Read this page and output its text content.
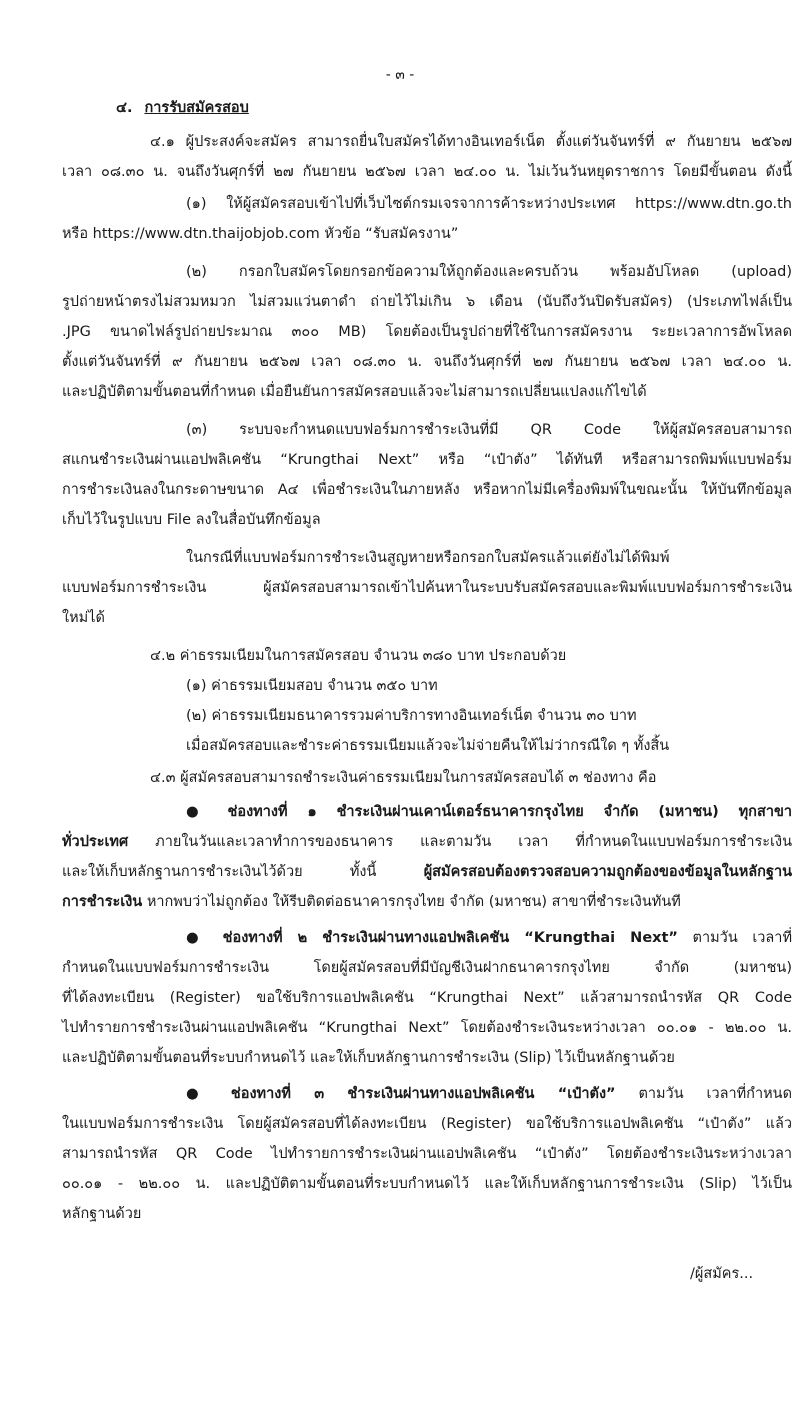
- ๓ -
๔. การรับสมัครสอบ
๔.๑ ผู้ประสงค์จะสมัคร สามารถยื่นใบสมัครได้ทางอินเทอร์เน็ต ตั้งแต่วันจันทร์ที่ ๙ กันยายน ๒๕๖๗
เวลา ๐๘.๓๐ น. จนถึงวันศุกร์ที่ ๒๗ กันยายน ๒๕๖๗ เวลา ๒๔.๐๐ น. ไม่เว้นวันหยุดราชการ โดยมีขั้นตอน ดังนี้
(๑) ให้ผู้สมัครสอบเข้าไปที่เว็บไซต์กรมเจรจาการค้าระหว่างประเทศ https://www.dtn.go.th
หรือ https://www.dtn.thaijobjob.com หัวข้อ “รับสมัครงาน”
(๒) กรอกใบสมัครโดยกรอกข้อความให้ถูกต้องและครบถ้วน พร้อมอัปโหลด (upload)
รูปถ่ายหน้าตรงไม่สวมหมวก ไม่สวมแว่นตาดำ ถ่ายไว้ไม่เกิน ๖ เดือน (นับถึงวันปิดรับสมัคร) (ประเภทไฟล์เป็น
.JPG ขนาดไฟล์รูปถ่ายประมาณ ๓๐๐ MB) โดยต้องเป็นรูปถ่ายที่ใช้ในการสมัครงาน ระยะเวลาการอัพโหลด
ตั้งแต่วันจันทร์ที่ ๙ กันยายน ๒๕๖๗ เวลา ๐๘.๓๐ น. จนถึงวันศุกร์ที่ ๒๗ กันยายน ๒๕๖๗ เวลา ๒๔.๐๐ น.
และปฏิบัติตามขั้นตอนที่กำหนด เมื่อยืนยันการสมัครสอบแล้วจะไม่สามารถเปลี่ยนแปลงแก้ไขได้
(๓) ระบบจะกำหนดแบบฟอร์มการชำระเงินที่มี QR Code ให้ผู้สมัครสอบสามารถ
สแกนชำระเงินผ่านแอปพลิเคชัน “Krungthai Next” หรือ “เป๋าตัง” ได้ทันที หรือสามารถพิมพ์แบบฟอร์ม
การชำระเงินลงในกระดาษขนาด A๔ เพื่อชำระเงินในภายหลัง หรือหากไม่มีเครื่องพิมพ์ในขณะนั้น ให้บันทึกข้อมูล
เก็บไว้ในรูปแบบ File ลงในสื่อบันทึกข้อมูล
ในกรณีที่แบบฟอร์มการชำระเงินสูญหายหรือกรอกใบสมัครแล้วแต่ยังไม่ได้พิมพ์
แบบฟอร์มการชำระเงิน ผู้สมัครสอบสามารถเข้าไปค้นหาในระบบรับสมัครสอบและพิมพ์แบบฟอร์มการชำระเงิน
ใหม่ได้
๔.๒ ค่าธรรมเนียมในการสมัครสอบ จำนวน ๓๘๐ บาท ประกอบด้วย
(๑) ค่าธรรมเนียมสอบ จำนวน ๓๕๐ บาท
(๒) ค่าธรรมเนียมธนาคารรวมค่าบริการทางอินเทอร์เน็ต จำนวน ๓๐ บาท
เมื่อสมัครสอบและชำระค่าธรรมเนียมแล้วจะไม่จ่ายคืนให้ไม่ว่ากรณีใด ๆ ทั้งสิ้น
๔.๓ ผู้สมัครสอบสามารถชำระเงินค่าธรรมเนียมในการสมัครสอบได้ ๓ ช่องทาง คือ
● ช่องทางที่ ๑ ชำระเงินผ่านเคาน์เตอร์ธนาคารกรุงไทย จำกัด (มหาชน) ทุกสาขา
ทั่วประเทศ ภายในวันและเวลาทำการของธนาคาร และตามวัน เวลา ที่กำหนดในแบบฟอร์มการชำระเงิน
และให้เก็บหลักฐานการชำระเงินไว้ด้วย ทั้งนี้ ผู้สมัครสอบต้องตรวจสอบความถูกต้องของข้อมูลในหลักฐาน
การชำระเงิน หากพบว่าไม่ถูกต้อง ให้รีบติดต่อธนาคารกรุงไทย จำกัด (มหาชน) สาขาที่ชำระเงินทันที
● ช่องทางที่ ๒ ชำระเงินผ่านทางแอปพลิเคชัน “Krungthai Next” ตามวัน เวลาที่
กำหนดในแบบฟอร์มการชำระเงิน โดยผู้สมัครสอบที่มีบัญชีเงินฝากธนาคารกรุงไทย จำกัด (มหาชน)
ที่ได้ลงทะเบียน (Register) ขอใช้บริการแอปพลิเคชัน “Krungthai Next” แล้วสามารถนำรหัส QR Code
ไปทำรายการชำระเงินผ่านแอปพลิเคชัน “Krungthai Next” โดยต้องชำระเงินระหว่างเวลา ๐๐.๐๑ - ๒๒.๐๐ น.
และปฏิบัติตามขั้นตอนที่ระบบกำหนดไว้ และให้เก็บหลักฐานการชำระเงิน (Slip) ไว้เป็นหลักฐานด้วย
● ช่องทางที่ ๓ ชำระเงินผ่านทางแอปพลิเคชัน “เป๋าตัง” ตามวัน เวลาที่กำหนด
ในแบบฟอร์มการชำระเงิน โดยผู้สมัครสอบที่ได้ลงทะเบียน (Register) ขอใช้บริการแอปพลิเคชัน “เป๋าตัง” แล้ว
สามารถนำรหัส QR Code ไปทำรายการชำระเงินผ่านแอปพลิเคชัน “เป๋าตัง” โดยต้องชำระเงินระหว่างเวลา
๐๐.๐๑ - ๒๒.๐๐ น. และปฏิบัติตามขั้นตอนที่ระบบกำหนดไว้ และให้เก็บหลักฐานการชำระเงิน (Slip) ไว้เป็น
หลักฐานด้วย
/ผู้สมัคร...
